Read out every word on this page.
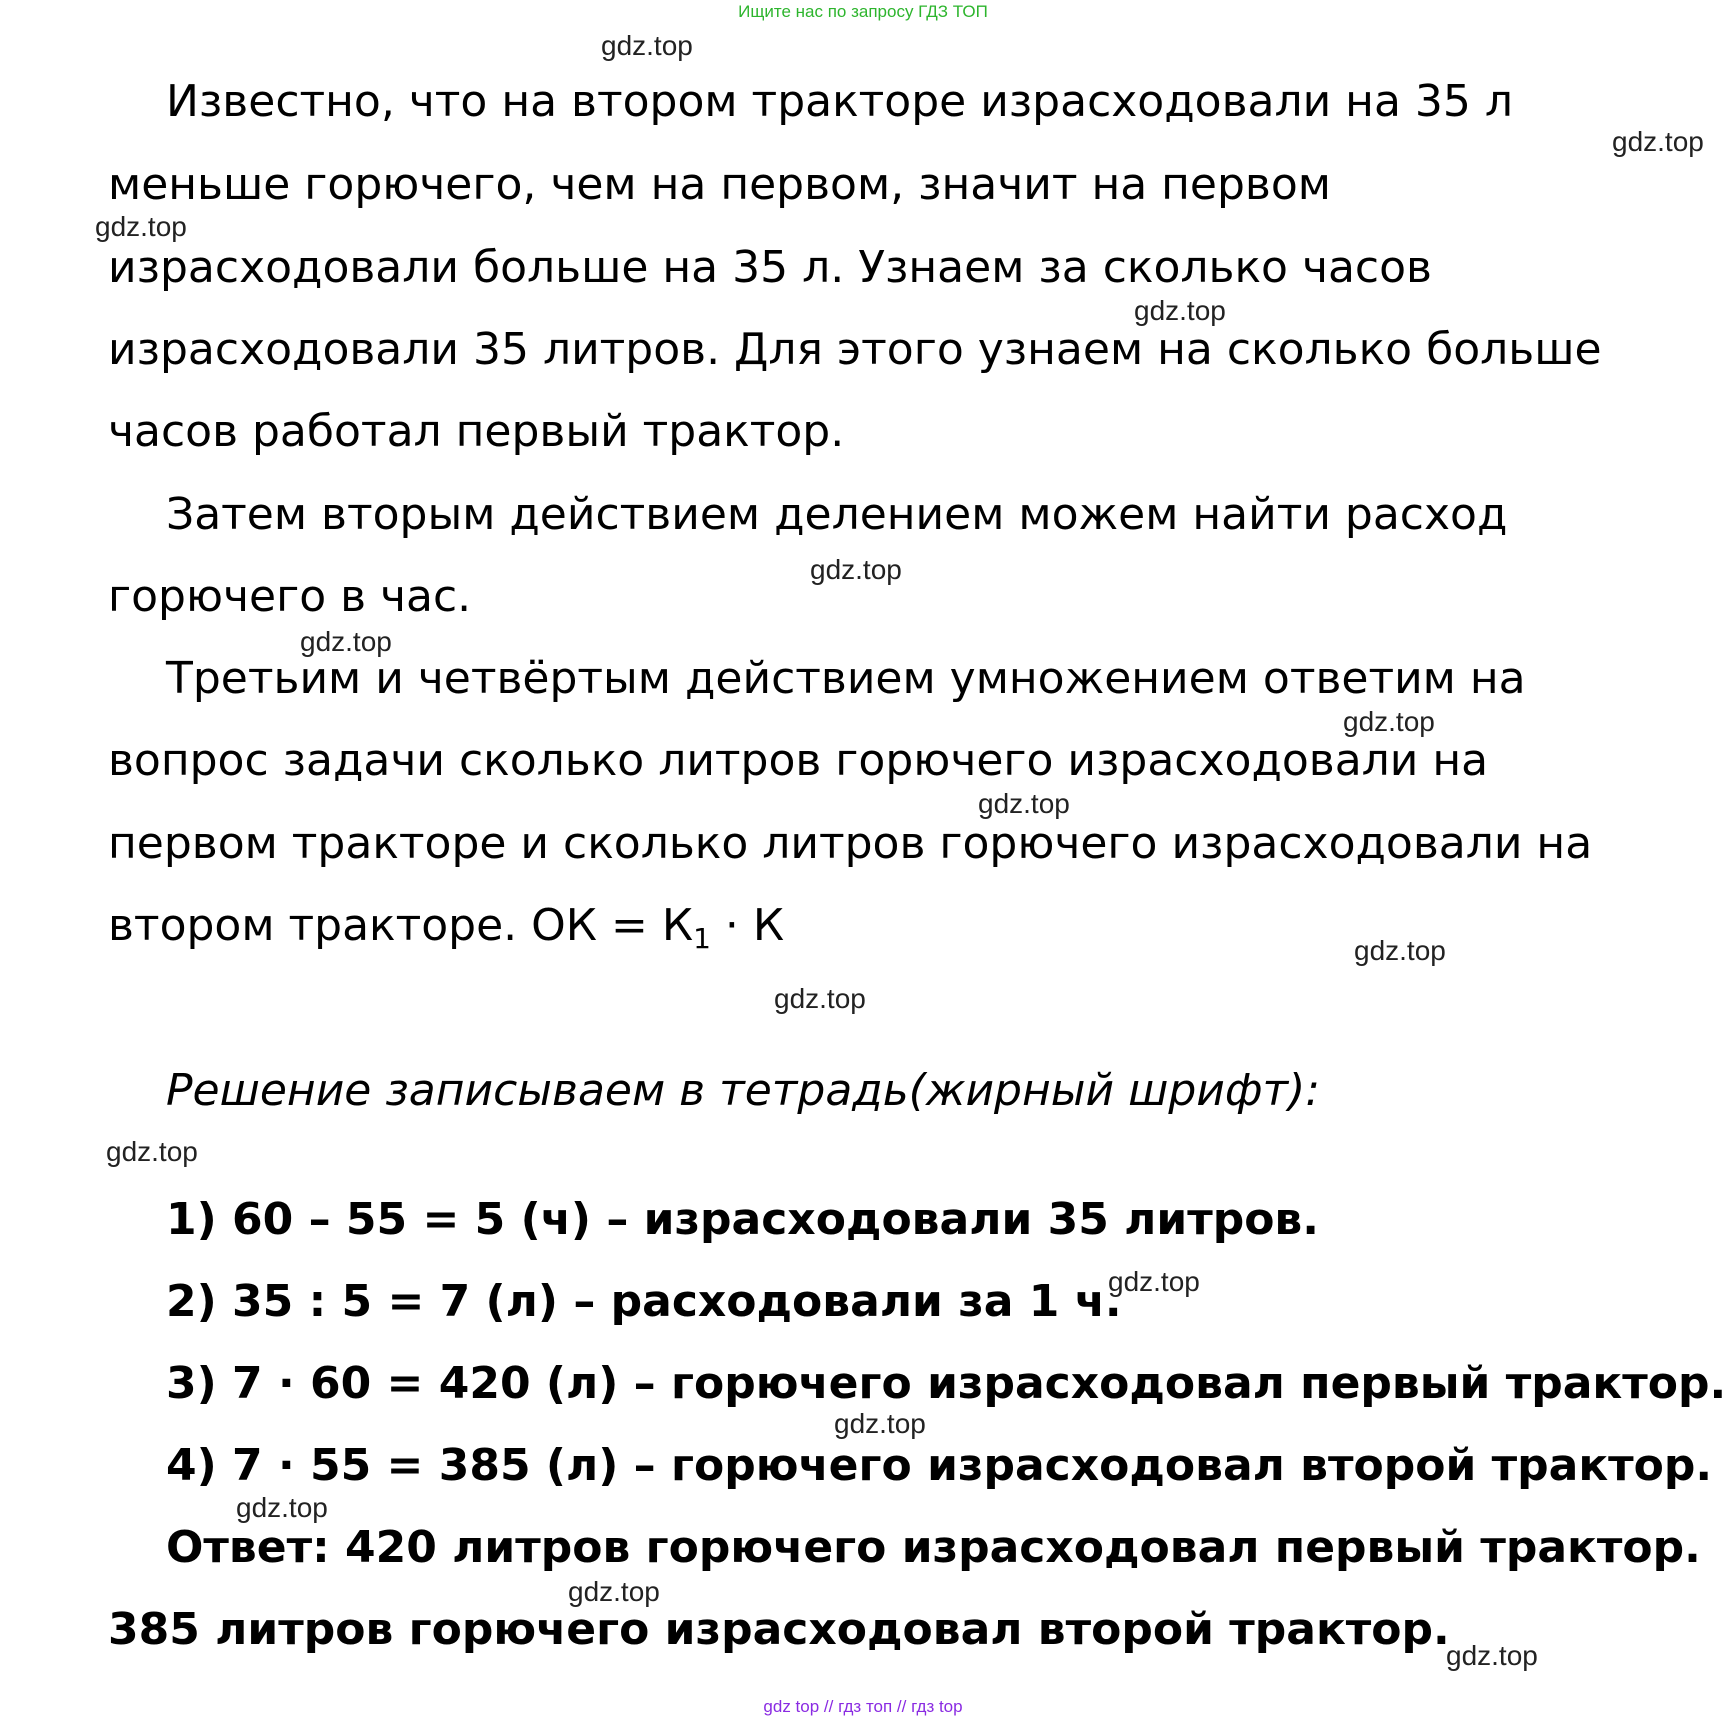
Ищите нас по запросу ГДЗ ТОП
gdz.top
gdz.top
gdz.top
gdz.top
gdz.top
gdz.top
gdz.top
gdz.top
gdz.top
gdz.top
gdz.top
gdz.top
gdz.top
gdz.top
gdz.top
gdz.top
Известно, что на втором тракторе израсходовали на 35 л
меньше горючего, чем на первом, значит на первом
израсходовали больше на 35 л. Узнаем за сколько часов
израсходовали 35 литров. Для этого узнаем на сколько больше
часов работал первый трактор.
Затем вторым действием делением можем найти расход
горючего в час.
Третьим и четвёртым действием умножением ответим на
вопрос задачи сколько литров горючего израсходовали на
первом тракторе и сколько литров горючего израсходовали на
втором тракторе. ОК = $К_1 \cdot К$
Решение записываем в тетрадь(жирный шрифт):
1) 60 – 55 = 5 (ч) – израсходовали 35 литров.
2) 35 : 5 = 7 (л) – расходовали за 1 ч.
3) 7 · 60 = 420 (л) – горючего израсходовал первый трактор.
4) 7 · 55 = 385 (л) – горючего израсходовал второй трактор.
Ответ: 420 литров горючего израсходовал первый трактор.
385 литров горючего израсходовал второй трактор.
gdz top // гдз топ // гдз top
